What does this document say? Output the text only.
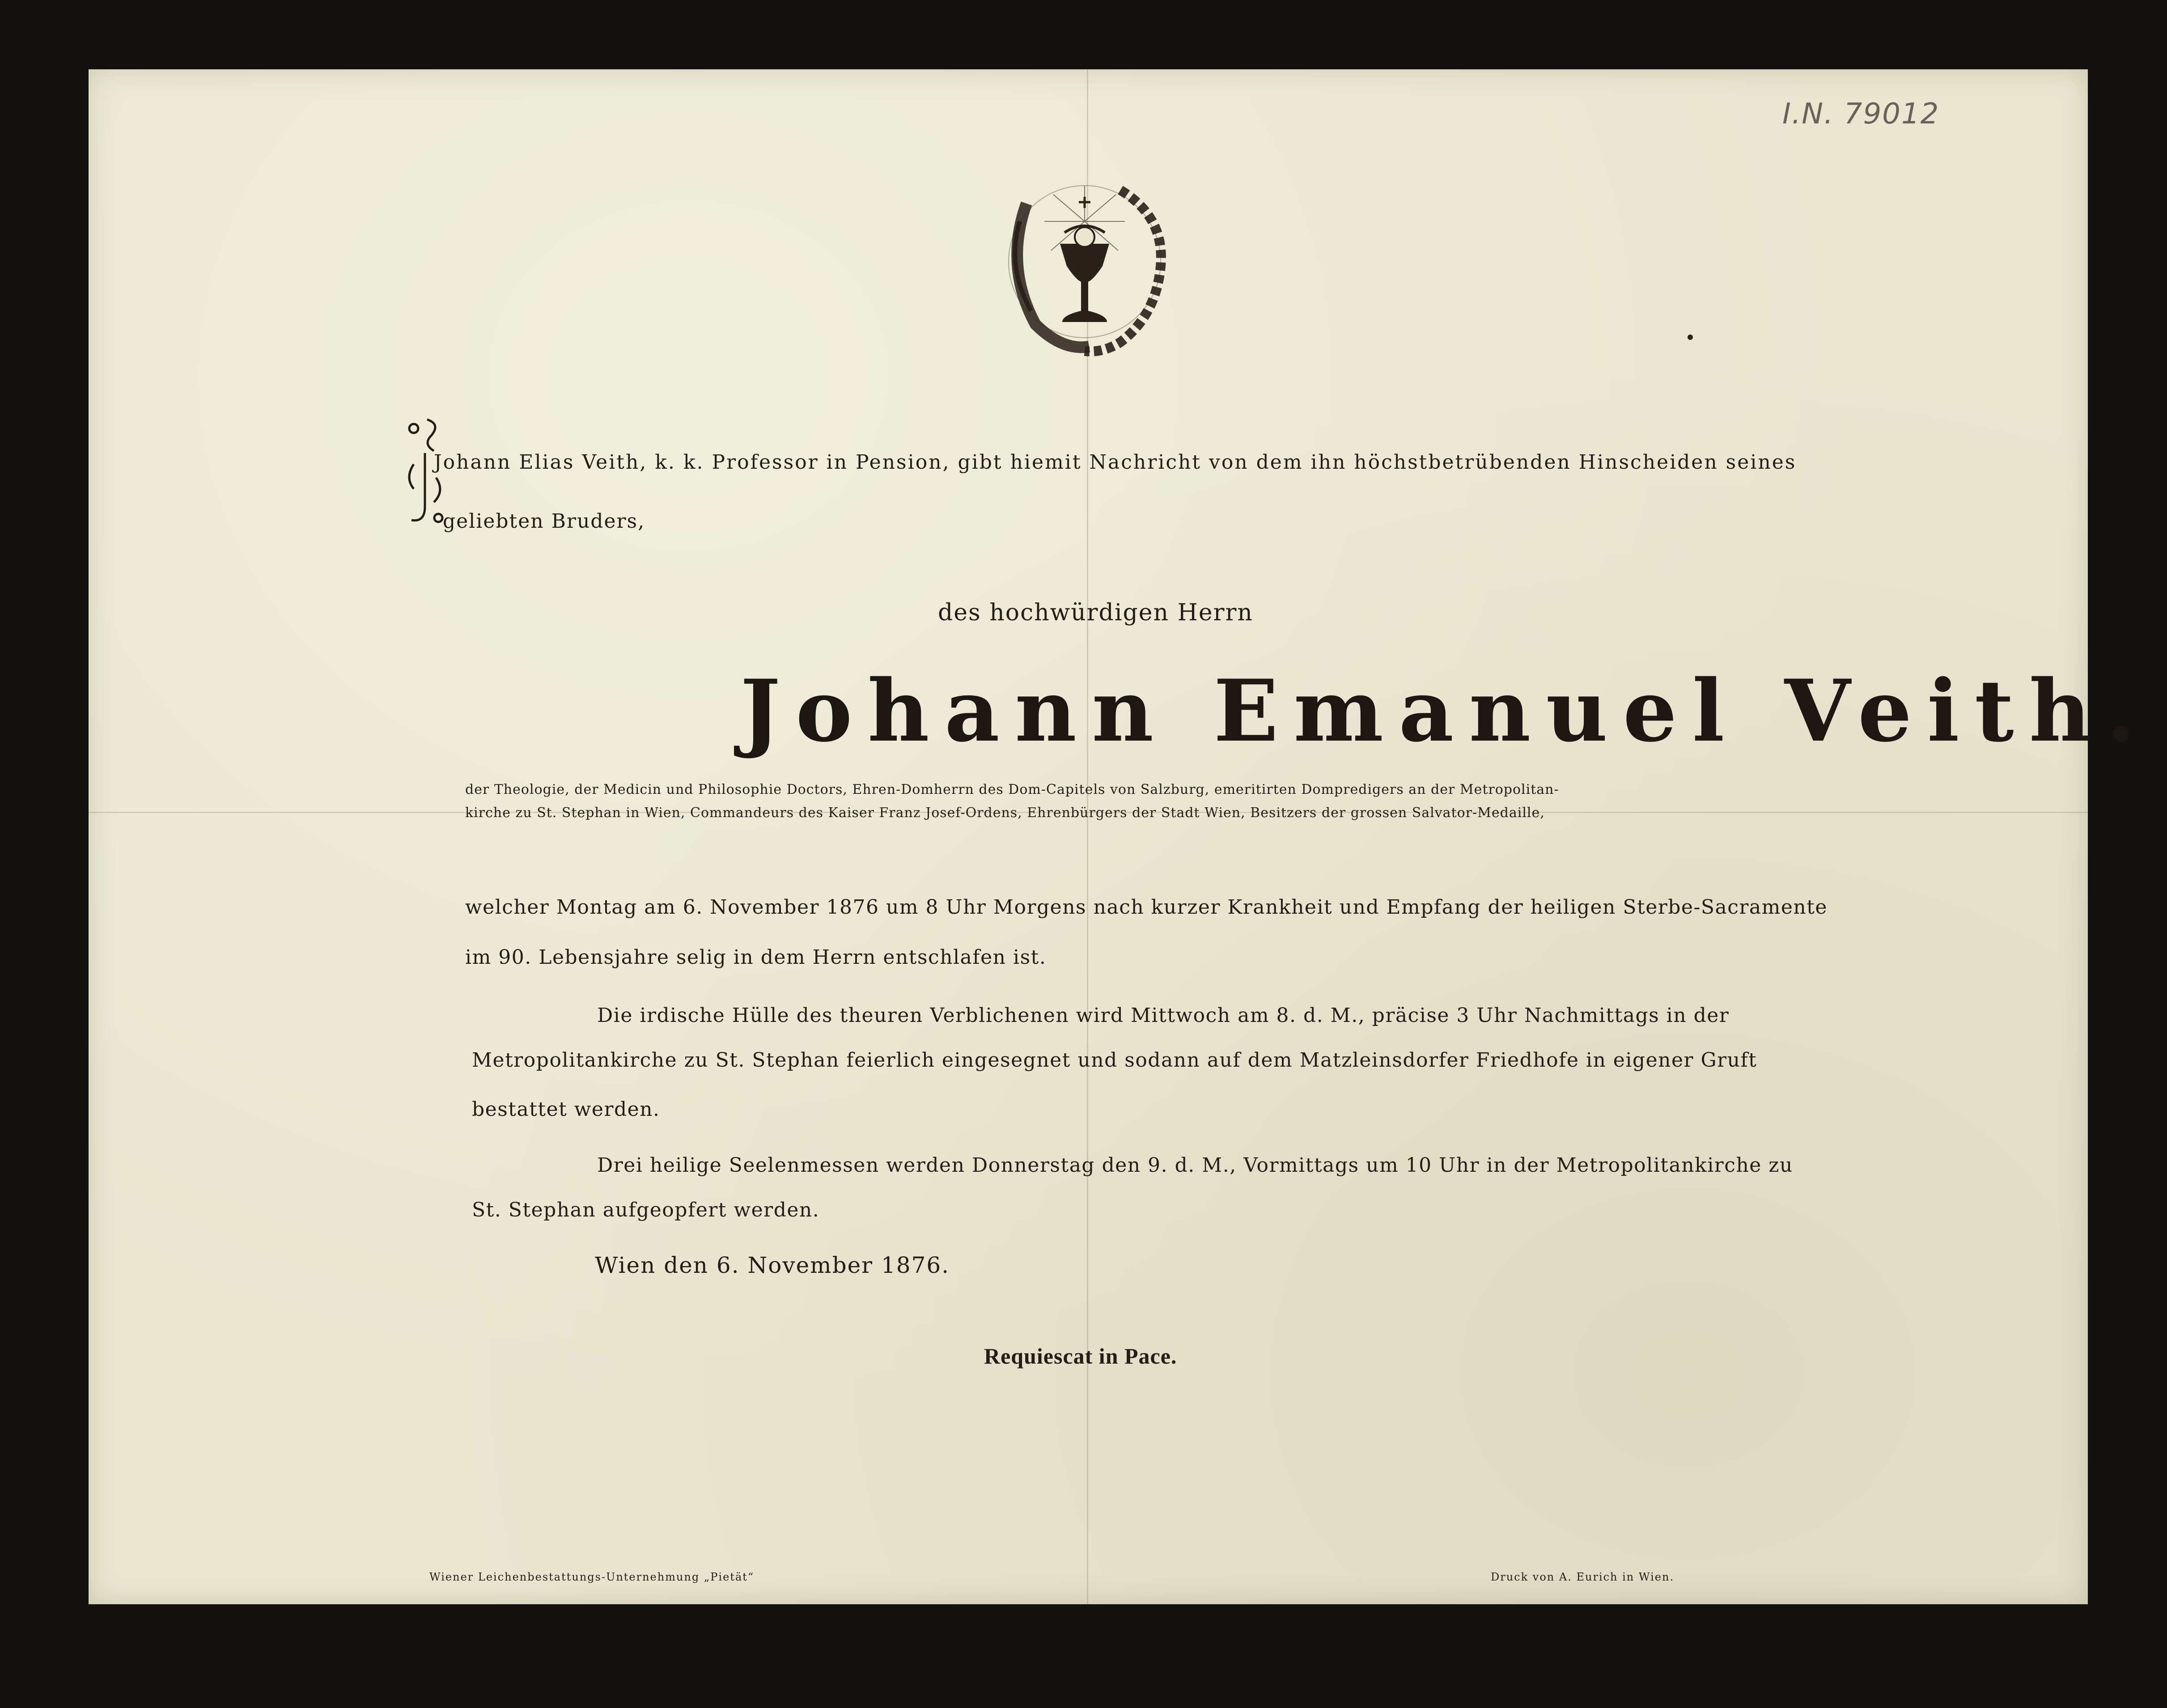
I.N. 79012
Johann Elias Veith, k. k. Professor in Pension, gibt hiemit Nachricht von dem ihn höchstbetrübenden Hinscheiden seines
geliebten Bruders,
des hochwürdigen Herrn
Johann Emanuel Veith.
der Theologie, der Medicin und Philosophie Doctors, Ehren-Domherrn des Dom-Capitels von Salzburg, emeritirten Dompredigers an der Metropolitan-
kirche zu St. Stephan in Wien, Commandeurs des Kaiser Franz Josef-Ordens, Ehrenbürgers der Stadt Wien, Besitzers der grossen Salvator-Medaille,
welcher Montag am 6. November 1876 um 8 Uhr Morgens nach kurzer Krankheit und Empfang der heiligen Sterbe-Sacramente
im 90. Lebensjahre selig in dem Herrn entschlafen ist.
Die irdische Hülle des theuren Verblichenen wird Mittwoch am 8. d. M., präcise 3 Uhr Nachmittags in der
Metropolitankirche zu St. Stephan feierlich eingesegnet und sodann auf dem Matzleinsdorfer Friedhofe in eigener Gruft
bestattet werden.
Drei heilige Seelenmessen werden Donnerstag den 9. d. M., Vormittags um 10 Uhr in der Metropolitankirche zu
St. Stephan aufgeopfert werden.
Wien den 6. November 1876.
Requiescat in Pace.
Wiener Leichenbestattungs-Unternehmung „Pietät“	Druck von A. Eurich in Wien.
